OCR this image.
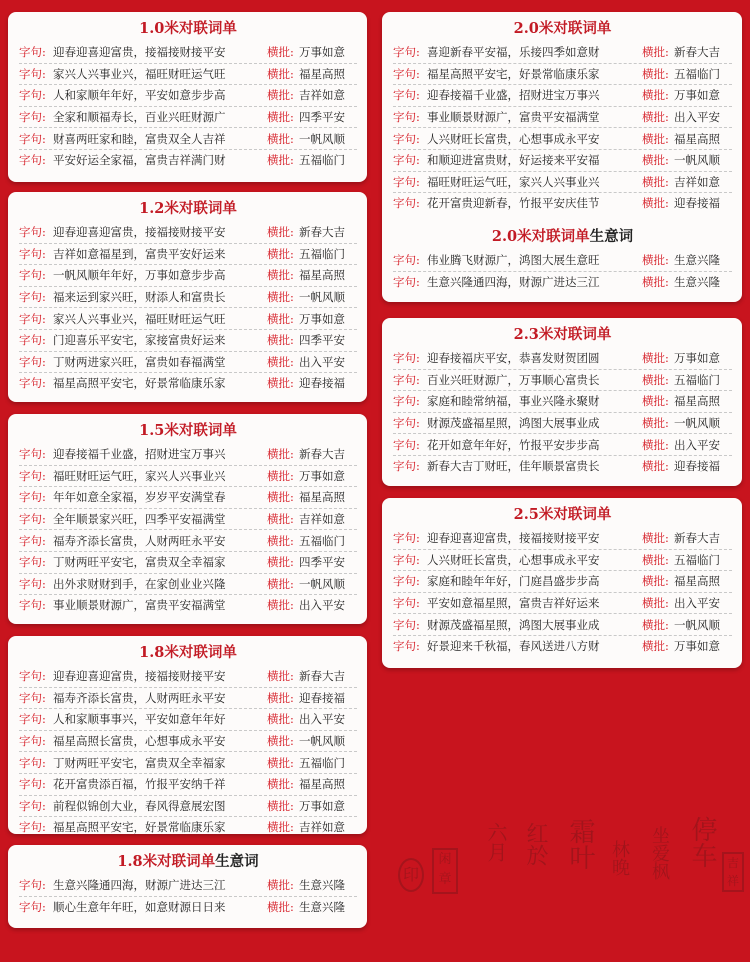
1.0米对联词单
字句: 迎春迎喜迎富贵，接福接财接平安	横批: 万事如意
字句: 家兴人兴事业兴，福旺财旺运气旺	横批: 福星高照
字句: 人和家顺年年好，平安如意步步高	横批: 吉祥如意
字句: 全家和顺福寿长，百业兴旺财源广	横批: 四季平安
字句: 财喜两旺家和睦，富贵双全人吉祥	横批: 一帆风顺
字句: 平安好运全家福，富贵吉祥满门财	横批: 五福临门
1.2米对联词单
字句: 迎春迎喜迎富贵，接福接财接平安	横批: 新春大吉
字句: 吉祥如意福星到，富贵平安好运来	横批: 五福临门
字句: 一帆风顺年年好，万事如意步步高	横批: 福星高照
字句: 福来运到家兴旺，财添人和富贵长	横批: 一帆风顺
字句: 家兴人兴事业兴，福旺财旺运气旺	横批: 万事如意
字句: 门迎喜乐平安宅，家接富贵好运来	横批: 四季平安
字句: 丁财两进家兴旺，富贵如春福满堂	横批: 出入平安
字句: 福星高照平安宅，好景常临康乐家	横批: 迎春接福
1.5米对联词单
字句: 迎春接福千业盛，招财进宝万事兴	横批: 新春大吉
字句: 福旺财旺运气旺，家兴人兴事业兴	横批: 万事如意
字句: 年年如意全家福，岁岁平安满堂春	横批: 福星高照
字句: 全年顺景家兴旺，四季平安福满堂	横批: 吉祥如意
字句: 福寿齐添长富贵，人财两旺永平安	横批: 五福临门
字句: 丁财两旺平安宅，富贵双全幸福家	横批: 四季平安
字句: 出外求财财到手，在家创业业兴隆	横批: 一帆风顺
字句: 事业顺景财源广，富贵平安福满堂	横批: 出入平安
1.8米对联词单
字句: 迎春迎喜迎富贵，接福接财接平安	横批: 新春大吉
字句: 福寿齐添长富贵，人财两旺永平安	横批: 迎春接福
字句: 人和家顺事事兴，平安如意年年好	横批: 出入平安
字句: 福星高照长富贵，心想事成永平安	横批: 一帆风顺
字句: 丁财两旺平安宅，富贵双全幸福家	横批: 五福临门
字句: 花开富贵添百福，竹报平安纳千祥	横批: 福星高照
字句: 前程似锦创大业，春风得意展宏图	横批: 万事如意
字句: 福星高照平安宅，好景常临康乐家	横批: 吉祥如意
1.8米对联词单生意词
字句: 生意兴隆通四海，财源广进达三江	横批: 生意兴隆
字句: 顺心生意年年旺，如意财源日日来	横批: 生意兴隆
2.0米对联词单
字句: 喜迎新春平安福，乐接四季如意财	横批: 新春大吉
字句: 福星高照平安宅，好景常临康乐家	横批: 五福临门
字句: 迎春接福千业盛，招财进宝万事兴	横批: 万事如意
字句: 事业顺景财源广，富贵平安福满堂	横批: 出入平安
字句: 人兴财旺长富贵，心想事成永平安	横批: 福星高照
字句: 和顺迎进富贵财，好运接来平安福	横批: 一帆风顺
字句: 福旺财旺运气旺，家兴人兴事业兴	横批: 吉祥如意
字句: 花开富贵迎新春，竹报平安庆佳节	横批: 迎春接福
2.0米对联词单生意词
字句: 伟业腾飞财源广，鸿图大展生意旺	横批: 生意兴隆
字句: 生意兴隆通四海，财源广进达三江	横批: 生意兴隆
2.3米对联词单
字句: 迎春接福庆平安，恭喜发财贺团圆	横批: 万事如意
字句: 百业兴旺财源广，万事顺心富贵长	横批: 五福临门
字句: 家庭和睦常纳福，事业兴隆永聚财	横批: 福星高照
字句: 财源茂盛福星照，鸿图大展事业成	横批: 一帆风顺
字句: 花开如意年年好，竹报平安步步高	横批: 出入平安
字句: 新春大吉丁财旺，佳年顺景富贵长	横批: 迎春接福
2.5米对联词单
字句: 迎春迎喜迎富贵，接福接财接平安	横批: 新春大吉
字句: 人兴财旺长富贵，心想事成永平安	横批: 五福临门
字句: 家庭和睦年年好，门庭昌盛步步高	横批: 福星高照
字句: 平安如意福星照，富贵吉祥好运来	横批: 出入平安
字句: 财源茂盛福星照，鸿图大展事业成	横批: 一帆风顺
字句: 好景迎来千秋福，春风送进八方财	横批: 万事如意
印
闲章
六月 红於 霜叶 林晚 坐爱枫 停车 吉祥
